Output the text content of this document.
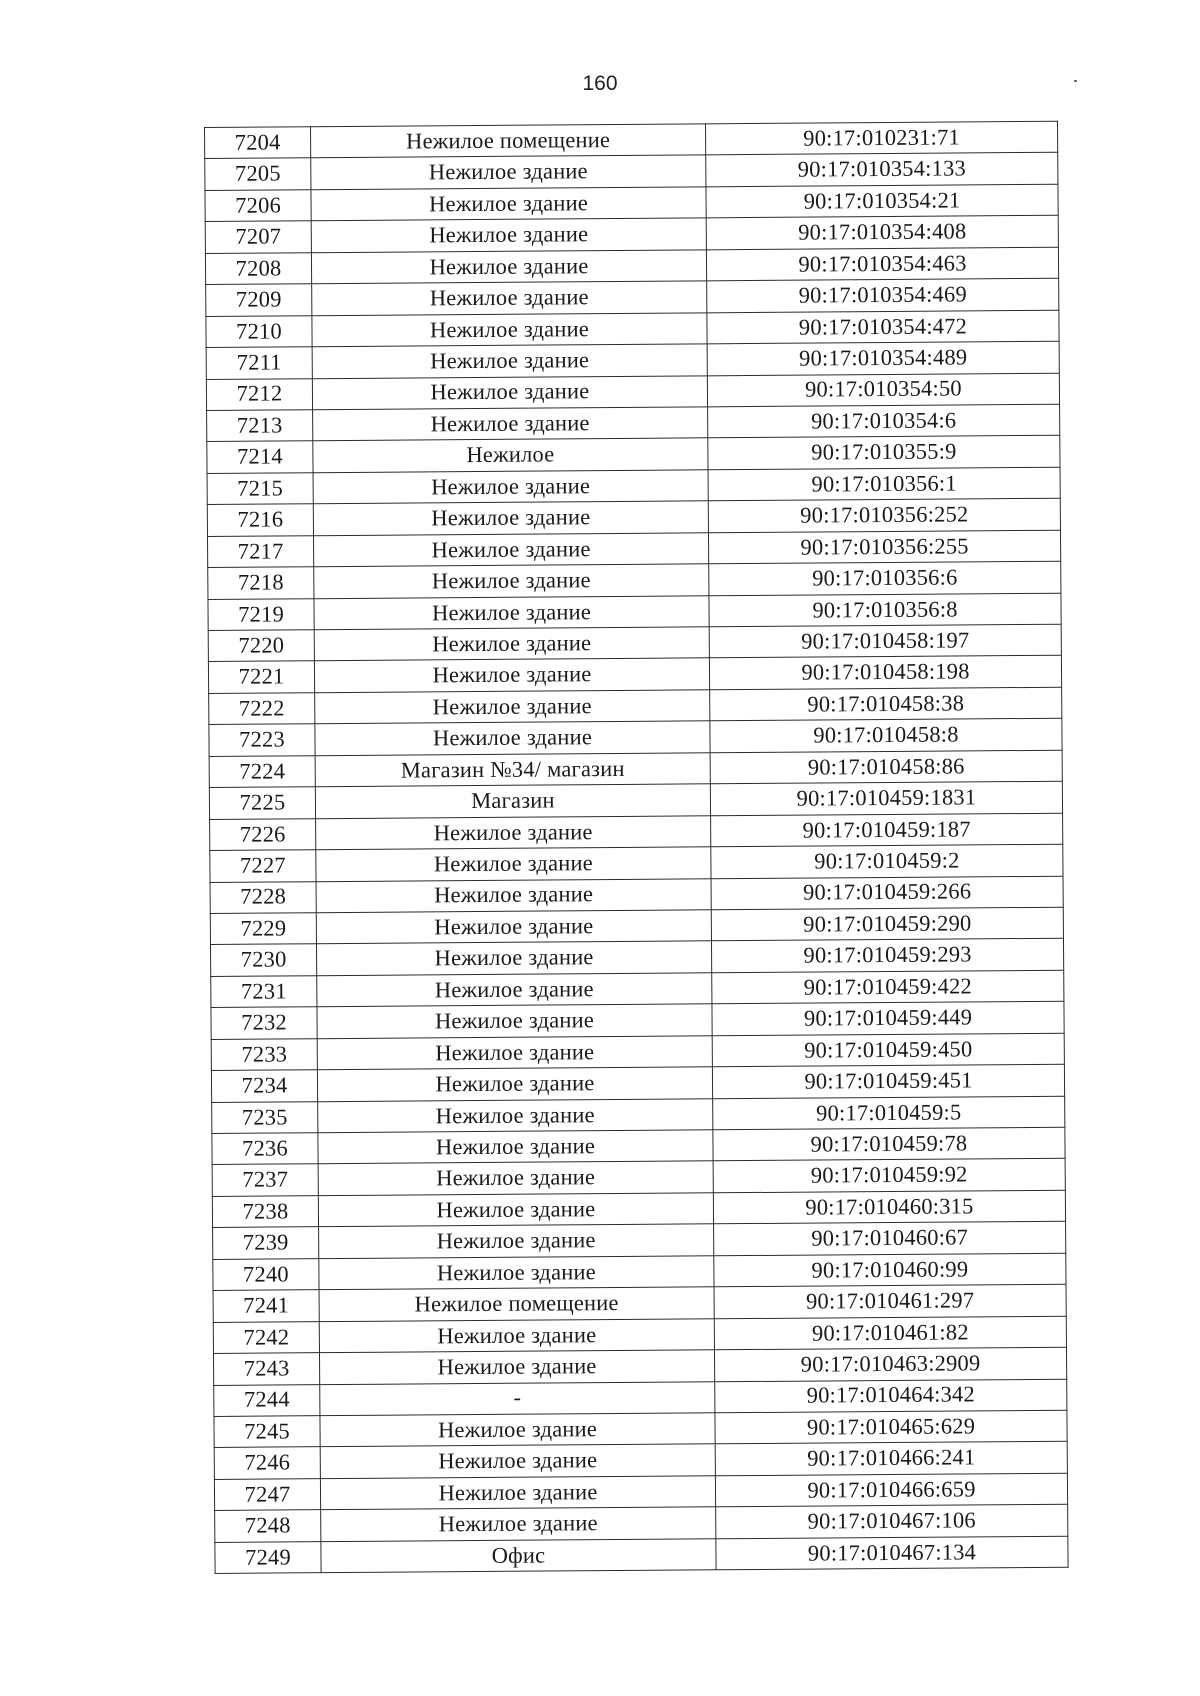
160
7204	Нежилое помещение	90:17:010231:71
7205	Нежилое здание	90:17:010354:133
7206	Нежилое здание	90:17:010354:21
7207	Нежилое здание	90:17:010354:408
7208	Нежилое здание	90:17:010354:463
7209	Нежилое здание	90:17:010354:469
7210	Нежилое здание	90:17:010354:472
7211	Нежилое здание	90:17:010354:489
7212	Нежилое здание	90:17:010354:50
7213	Нежилое здание	90:17:010354:6
7214	Нежилое	90:17:010355:9
7215	Нежилое здание	90:17:010356:1
7216	Нежилое здание	90:17:010356:252
7217	Нежилое здание	90:17:010356:255
7218	Нежилое здание	90:17:010356:6
7219	Нежилое здание	90:17:010356:8
7220	Нежилое здание	90:17:010458:197
7221	Нежилое здание	90:17:010458:198
7222	Нежилое здание	90:17:010458:38
7223	Нежилое здание	90:17:010458:8
7224	Магазин №34/ магазин	90:17:010458:86
7225	Магазин	90:17:010459:1831
7226	Нежилое здание	90:17:010459:187
7227	Нежилое здание	90:17:010459:2
7228	Нежилое здание	90:17:010459:266
7229	Нежилое здание	90:17:010459:290
7230	Нежилое здание	90:17:010459:293
7231	Нежилое здание	90:17:010459:422
7232	Нежилое здание	90:17:010459:449
7233	Нежилое здание	90:17:010459:450
7234	Нежилое здание	90:17:010459:451
7235	Нежилое здание	90:17:010459:5
7236	Нежилое здание	90:17:010459:78
7237	Нежилое здание	90:17:010459:92
7238	Нежилое здание	90:17:010460:315
7239	Нежилое здание	90:17:010460:67
7240	Нежилое здание	90:17:010460:99
7241	Нежилое помещение	90:17:010461:297
7242	Нежилое здание	90:17:010461:82
7243	Нежилое здание	90:17:010463:2909
7244	-	90:17:010464:342
7245	Нежилое здание	90:17:010465:629
7246	Нежилое здание	90:17:010466:241
7247	Нежилое здание	90:17:010466:659
7248	Нежилое здание	90:17:010467:106
7249	Офис	90:17:010467:134
